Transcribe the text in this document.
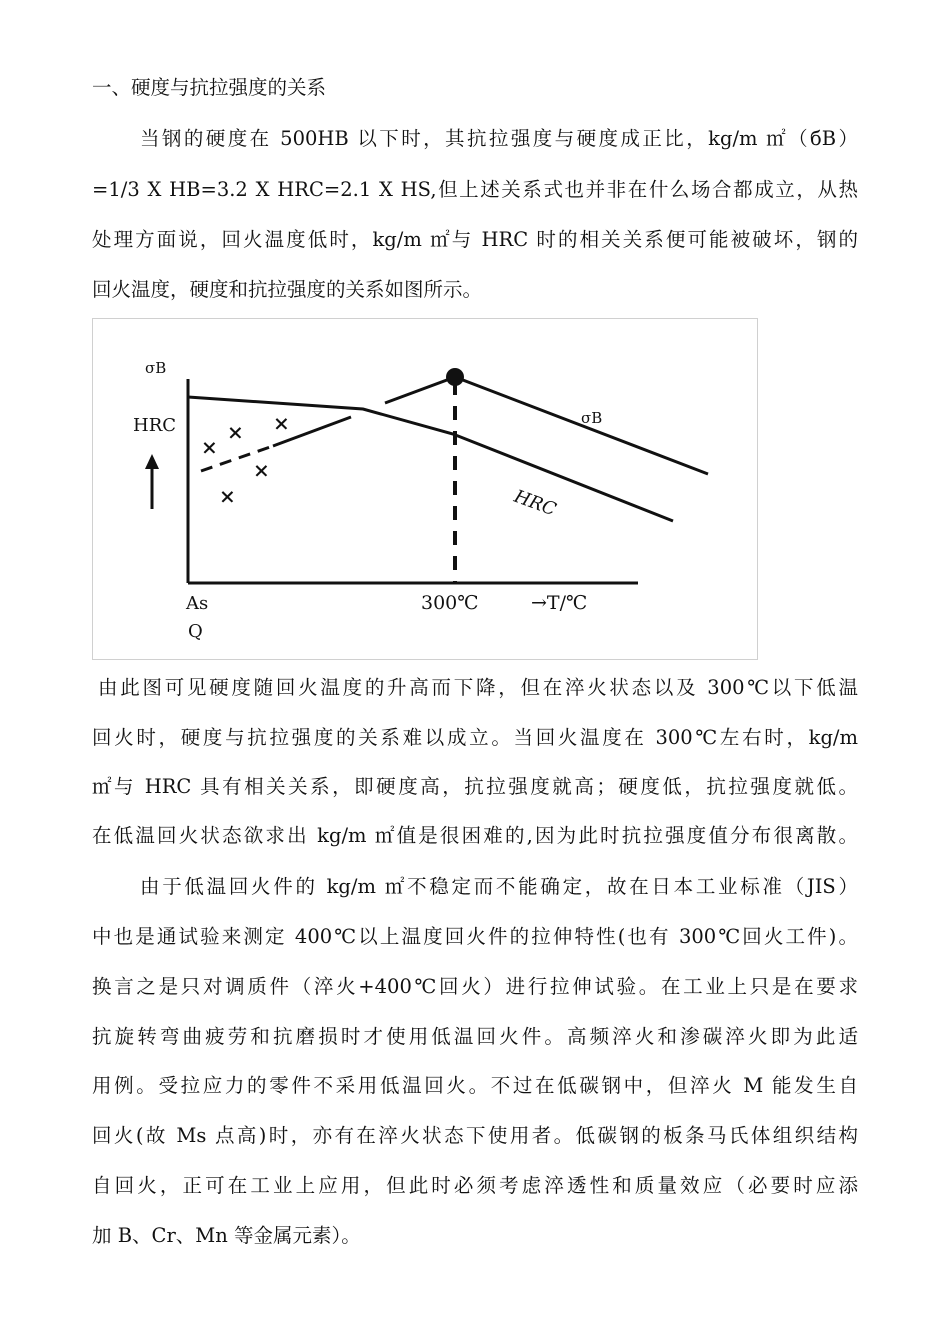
一、硬度与抗拉强度的关系
当钢的硬度在 500HB 以下时，其抗拉强度与硬度成正比，kg/m ㎡（бB）
=1/3 X HB=3.2 X HRC=2.1 X HS,但上述关系式也并非在什么场合都成立，从热
处理方面说，回火温度低时，kg/m ㎡与 HRC 时的相关关系便可能被破坏，钢的
回火温度，硬度和抗拉强度的关系如图所示。
σB
HRC
×
× ×
×
×
σB
HRC
As
Q
300℃	→T/℃
由此图可见硬度随回火温度的升高而下降，但在淬火状态以及 300℃以下低温
回火时，硬度与抗拉强度的关系难以成立。当回火温度在 300℃左右时，kg/m
㎡与 HRC 具有相关关系，即硬度高，抗拉强度就高；硬度低，抗拉强度就低。
在低温回火状态欲求出 kg/m ㎡值是很困难的,因为此时抗拉强度值分布很离散。
由于低温回火件的 kg/m ㎡不稳定而不能确定，故在日本工业标准（JIS）
中也是通试验来测定 400℃以上温度回火件的拉伸特性(也有 300℃回火工件)。
换言之是只对调质件（淬火+400℃回火）进行拉伸试验。在工业上只是在要求
抗旋转弯曲疲劳和抗磨损时才使用低温回火件。高频淬火和渗碳淬火即为此适
用例。受拉应力的零件不采用低温回火。不过在低碳钢中，但淬火 M 能发生自
回火(故 Ms 点高)时，亦有在淬火状态下使用者。低碳钢的板条马氏体组织结构
自回火，正可在工业上应用，但此时必须考虑淬透性和质量效应（必要时应添
加 B、Cr、Mn 等金属元素）。
